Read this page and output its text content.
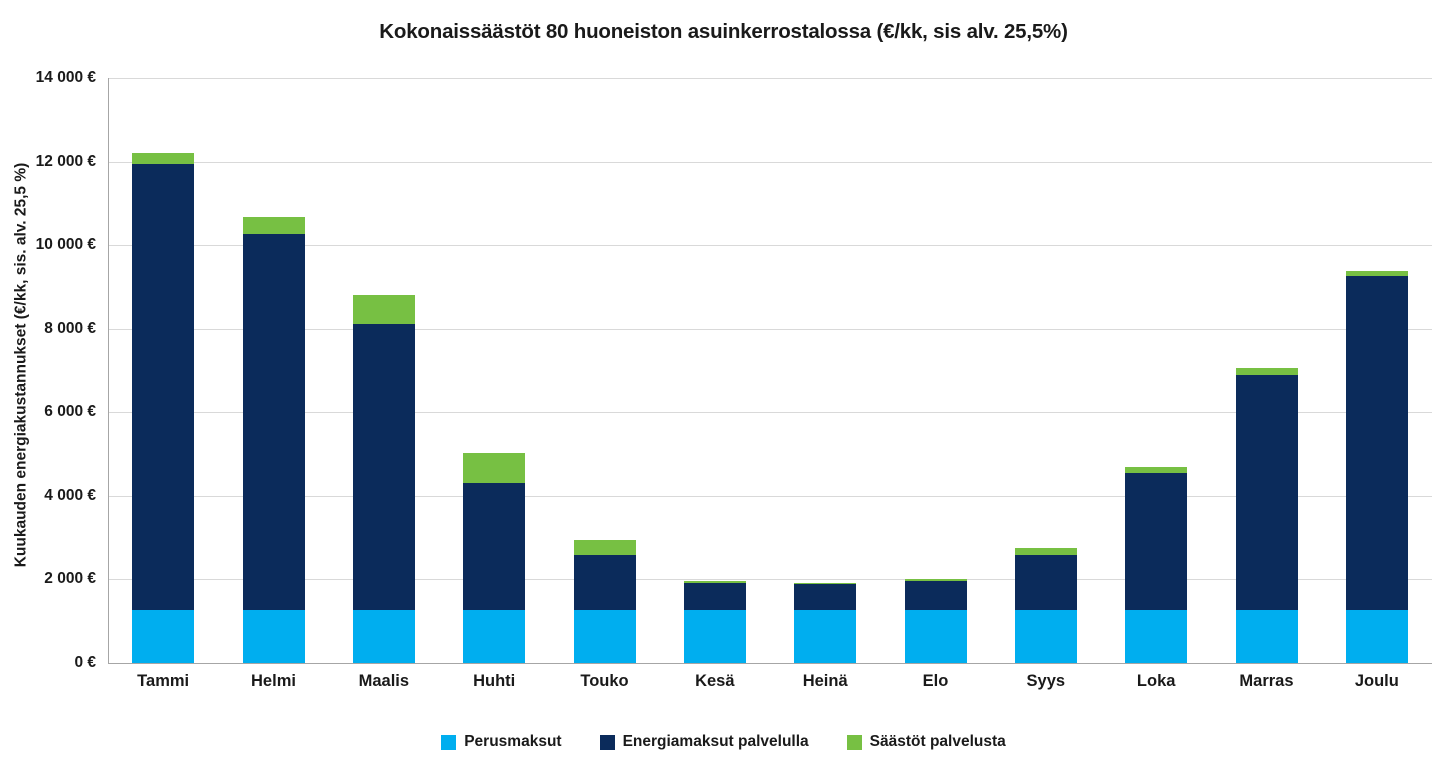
Kokonaissäästöt 80 huoneiston asuinkerrostalossa (€/kk, sis alv. 25,5%)
Kuukauden energiakustannukset (€/kk, sis. alv. 25,5 %)
0 €
2 000 €
4 000 €
6 000 €
8 000 €
10 000 €
12 000 €
14 000 €
Tammi	Helmi	Maalis	Huhti	Touko	Kesä	Heinä	Elo	Syys	Loka	Marras	Joulu
Perusmaksut	Energiamaksut palvelulla	Säästöt palvelusta
